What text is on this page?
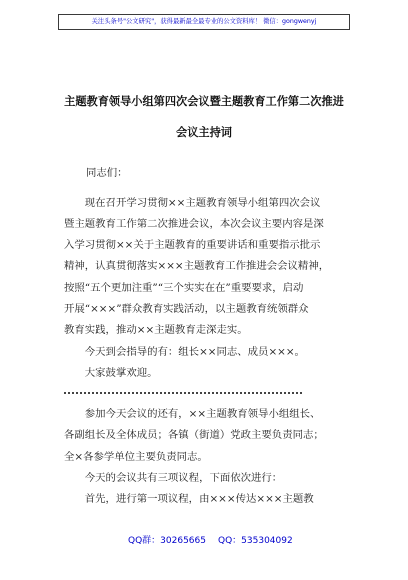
关注头条号"公文研究"，获得最新最全最专业的公文资料库！ 微信：gongwenyj
主题教育领导小组第四次会议暨主题教育工作第二次推进
会议主持词
同志们：
　　现在召开学习贯彻××主题教育领导小组第四次会议
暨主题教育工作第二次推进会议，本次会议主要内容是深
入学习贯彻××关于主题教育的重要讲话和重要指示批示
精神，认真贯彻落实×××主题教育工作推进会会议精神，
按照“五个更加注重”“三个实实在在”重要要求，启动
开展“×××”群众教育实践活动，以主题教育统领群众
教育实践，推动××主题教育走深走实。
　　今天到会指导的有：组长××同志、成员×××。
　　大家鼓掌欢迎。
　　参加今天会议的还有，××主题教育领导小组组长、
各副组长及全体成员；各镇（街道）党政主要负责同志；
全×各参学单位主要负责同志。
　　今天的会议共有三项议程，下面依次进行：
　　首先，进行第一项议程，由×××传达×××主题教
QQ群：30265665 QQ：535304092
